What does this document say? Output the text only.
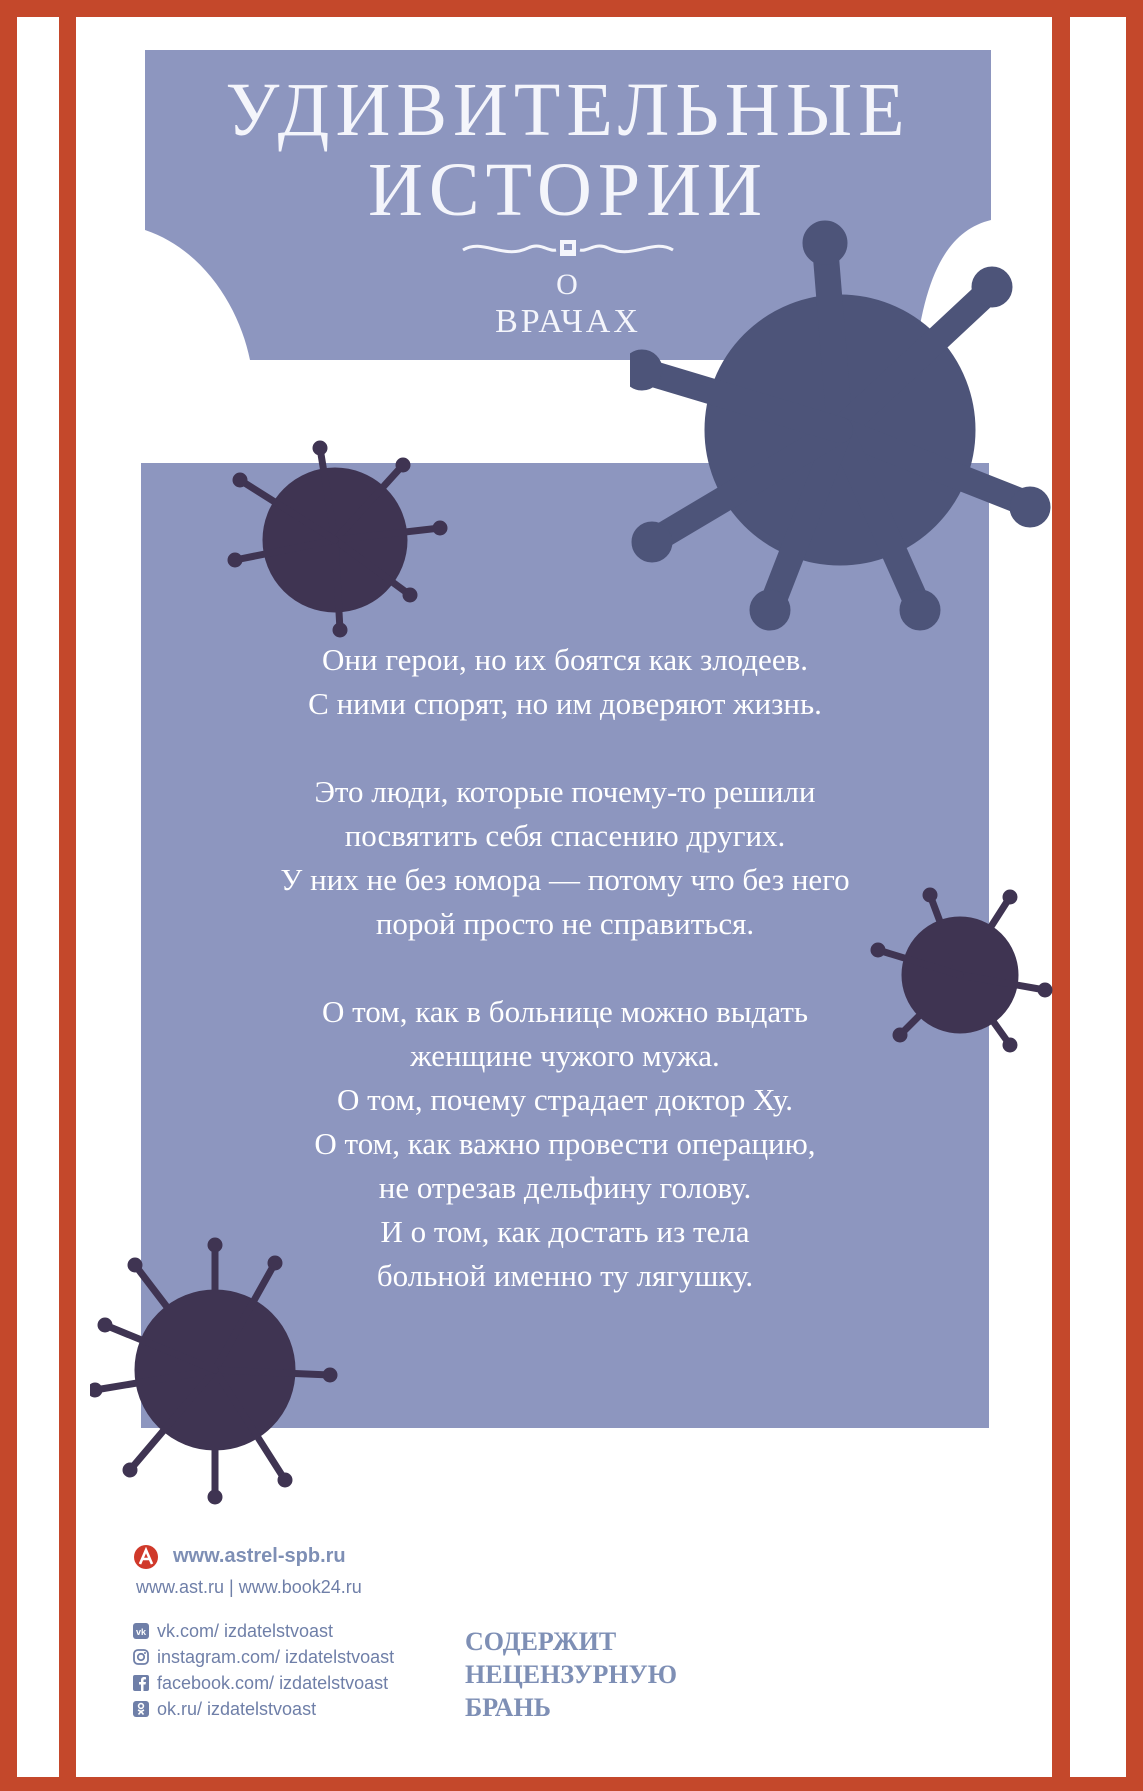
УДИВИТЕЛЬНЫЕ
ИСТОРИИ
О
ВРАЧАХ

Они герои, но их боятся как злодеев.
С ними спорят, но им доверяют жизнь.

Это люди, которые почему-то решили
посвятить себя спасению других.
У них не без юмора — потому что без него
порой просто не справиться.

О том, как в больнице можно выдать
женщине чужого мужа.
О том, почему страдает доктор Ху.
О том, как важно провести операцию,
не отрезав дельфину голову.
И о том, как достать из тела
больной именно ту лягушку.

www.astrel-spb.ru
www.ast.ru | www.book24.ru
vk vk.com/ izdatelstvoast
instagram.com/ izdatelstvoast
facebook.com/ izdatelstvoast
ok.ru/ izdatelstvoast
СОДЕРЖИТ
НЕЦЕНЗУРНУЮ
БРАНЬ
